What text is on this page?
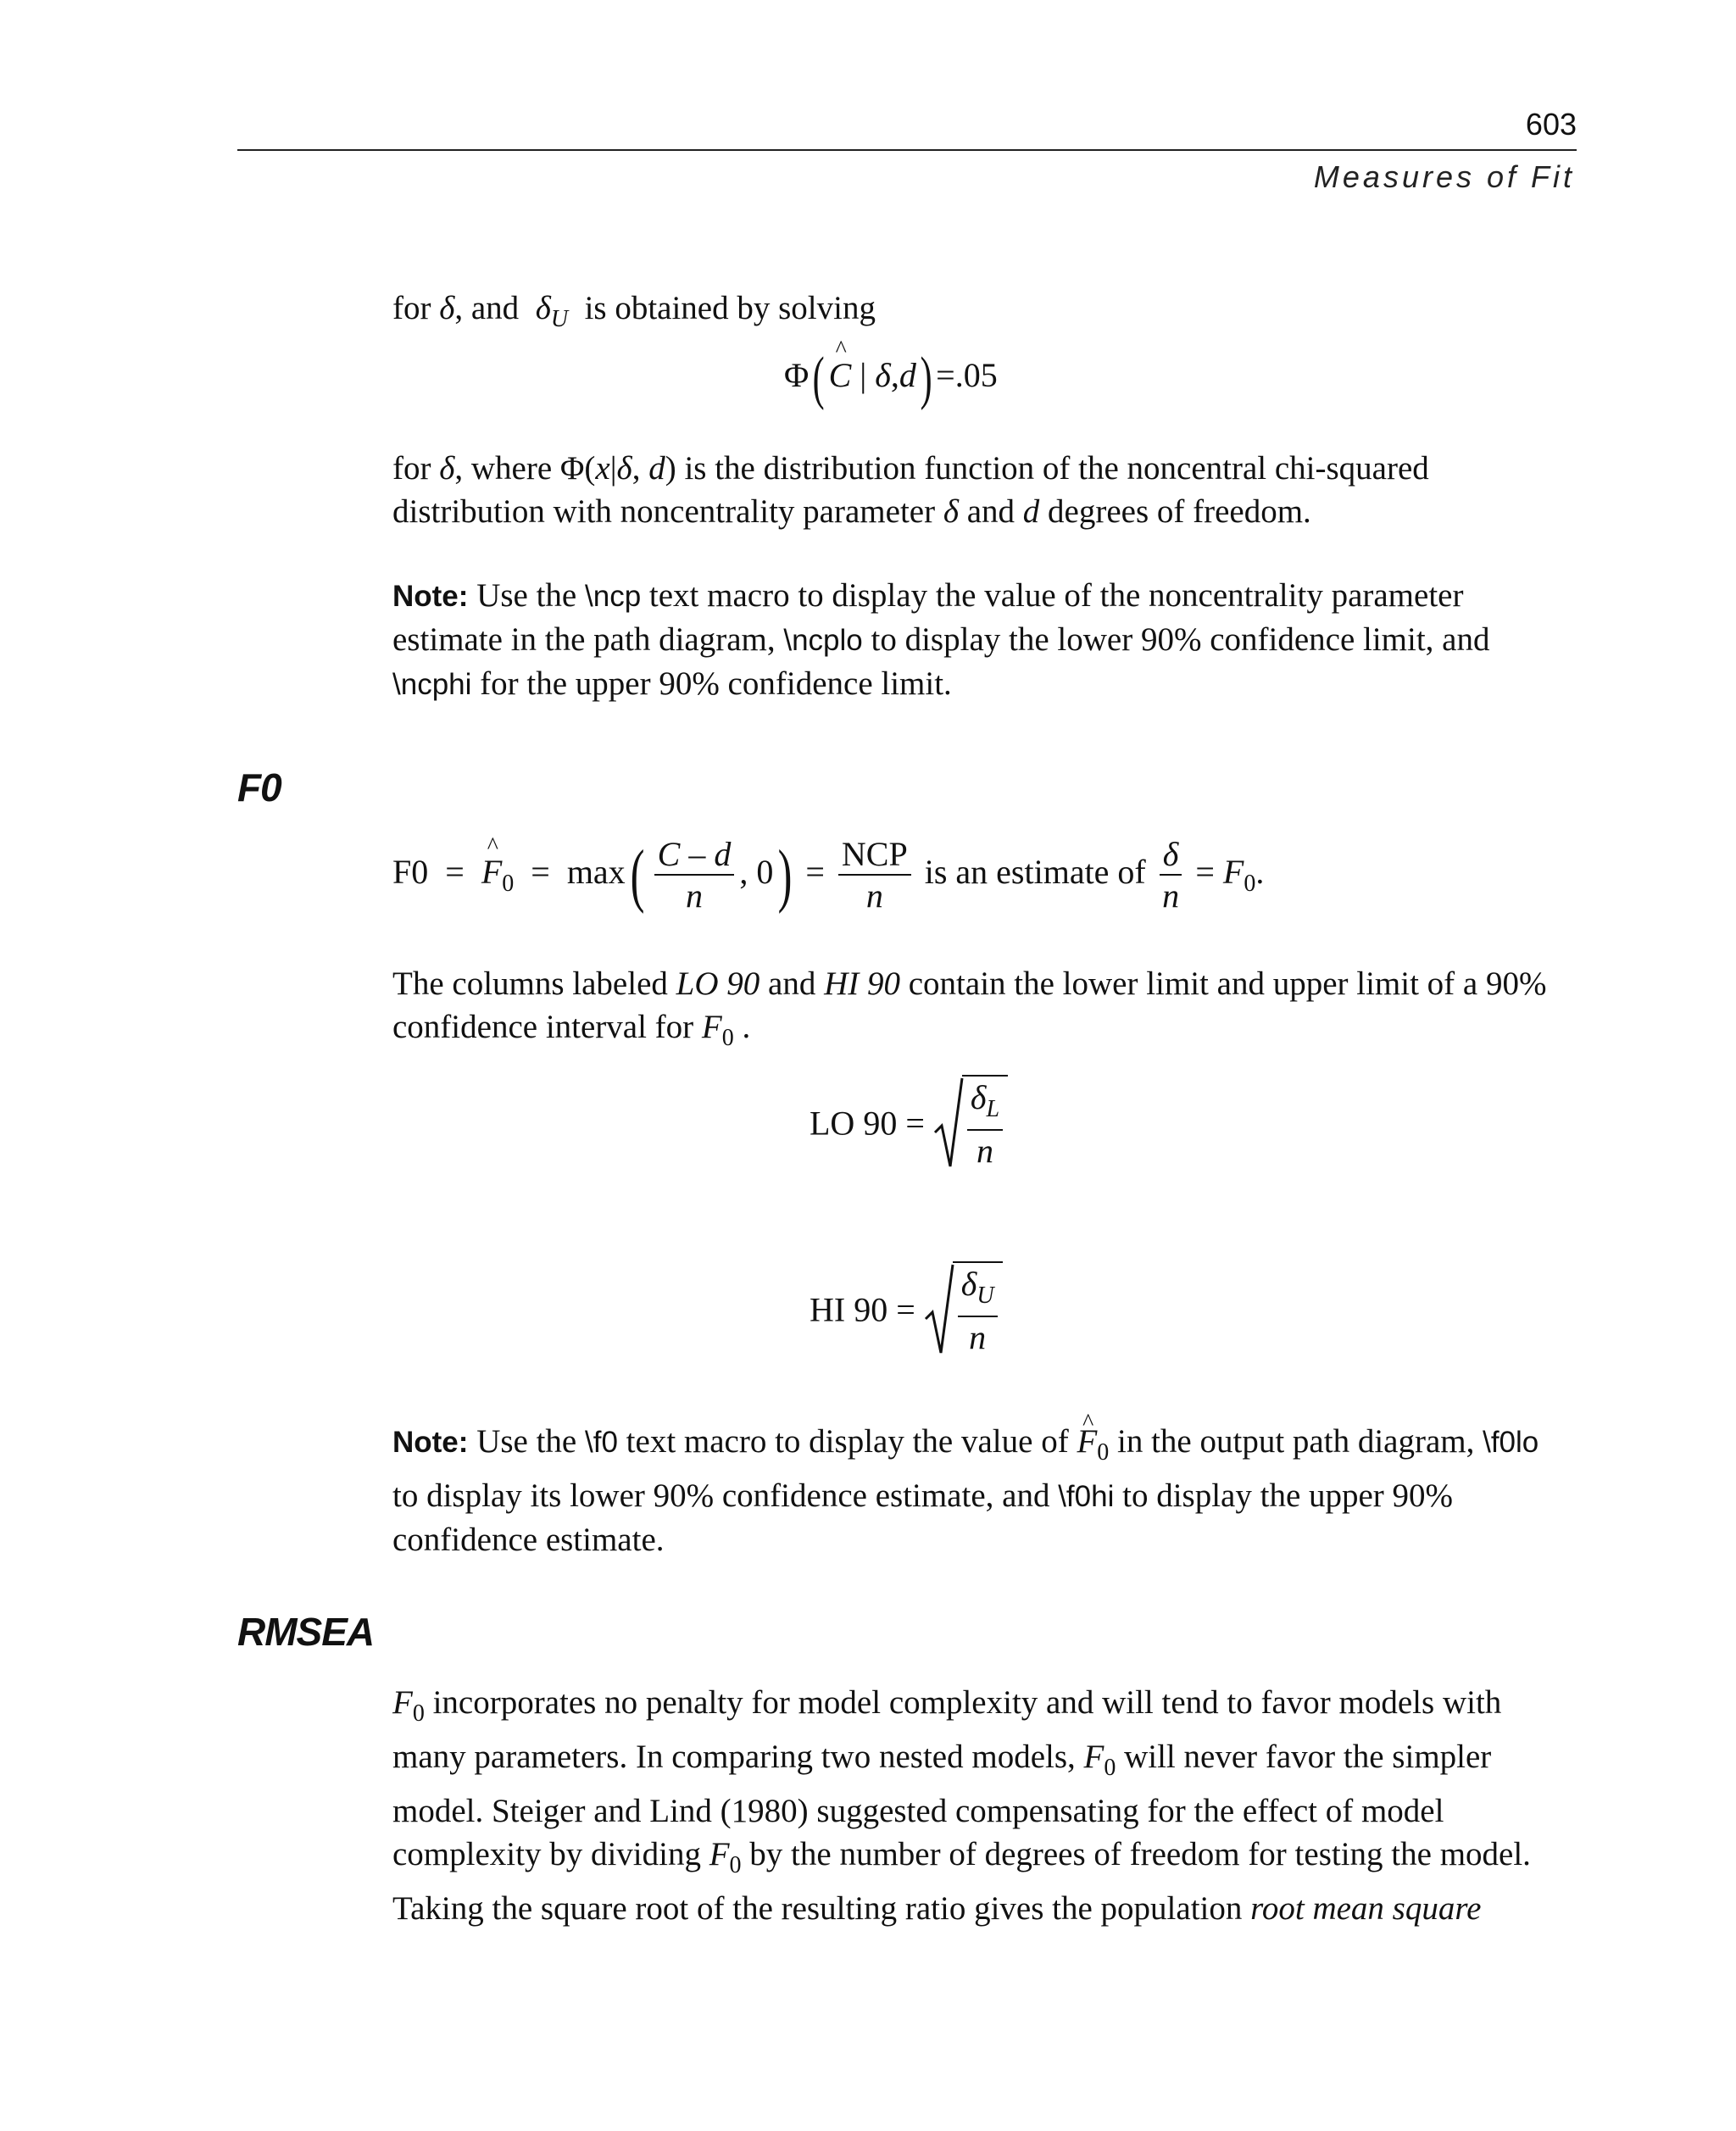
603
Measures of Fit
for δ, and $\delta_U$ is obtained by solving
Φ( ^ C | δ,d) =.05
for δ, where Φ(x|δ, d) is the distribution function of the noncentral chi-squared
distribution with noncentrality parameter δ and d degrees of freedom.
Note: Use the \ncp text macro to display the value of the noncentrality parameter
estimate in the path diagram, \ncplo to display the lower 90% confidence limit, and
\ncphi for the upper 90% confidence limit.
F0
F0 = ^ $F_0 = \max( \frac{C - d}{n}$ , $0) = \frac{\text{NCP}}{n}$ is an estimate of $\frac{\delta}{n} = F_0$.
The columns labeled LO 90 and HI 90 contain the lower limit and upper limit of a 90%
confidence interval for $F_0$ .
LO $90 = \frac{\delta_L}{n}$
HI $90 = \frac{\delta_U}{n}$
Note: Use the \f0 text macro to display the value of ^ $F_0$ in the output path diagram, \f0lo
to display its lower 90% confidence estimate, and \f0hi to display the upper 90%
confidence estimate.
RMSEA
$F_0$ incorporates no penalty for model complexity and will tend to favor models with
many parameters. In comparing two nested models, $F_0$ will never favor the simpler
model. Steiger and Lind (1980) suggested compensating for the effect of model
complexity by dividing $F_0$ by the number of degrees of freedom for testing the model.
Taking the square root of the resulting ratio gives the population root mean square
